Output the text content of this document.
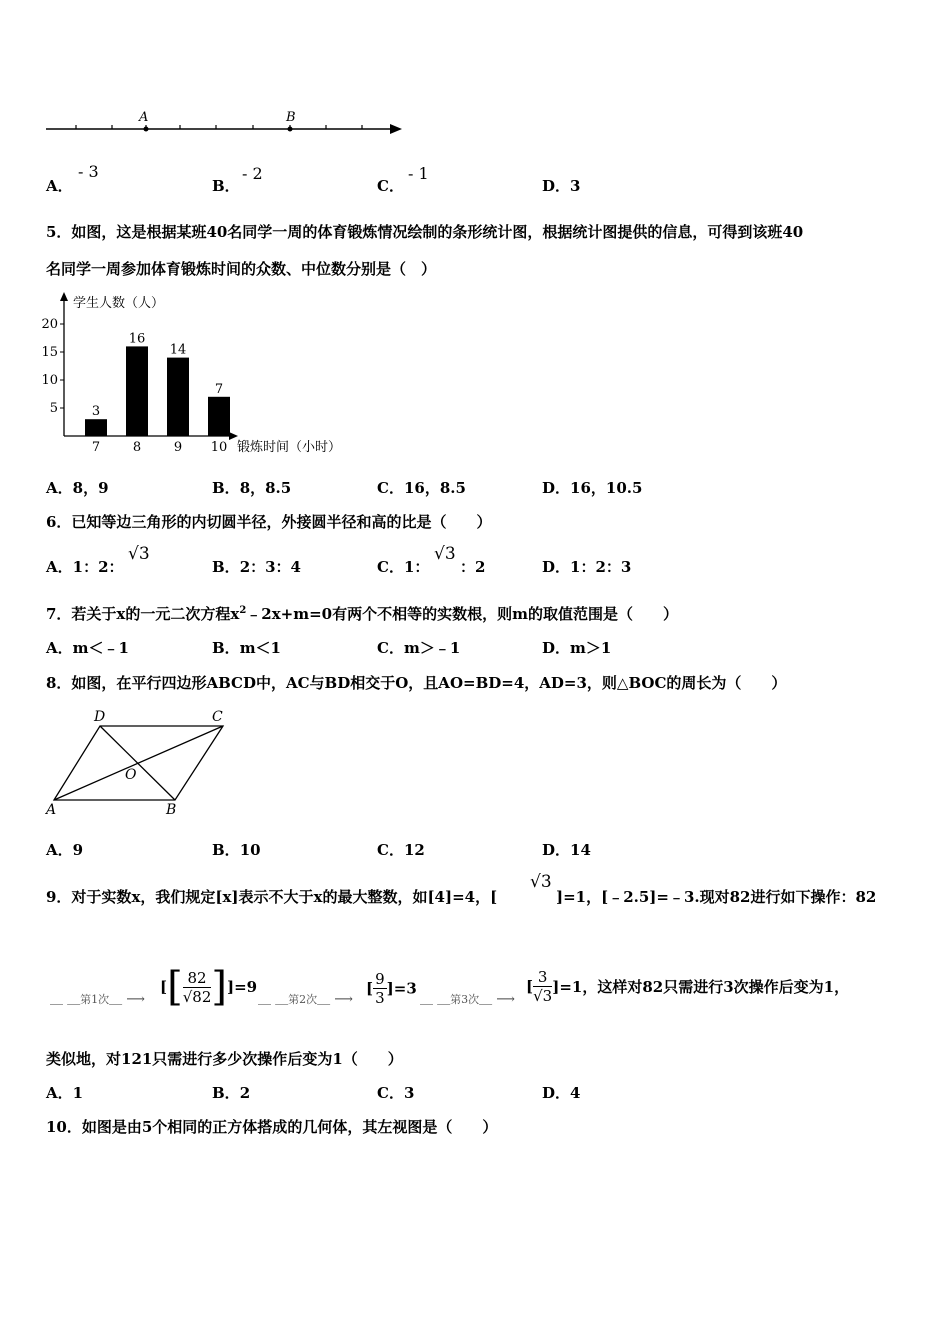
A	B
A．
- 3
B．
- 2
C．
- 1
D．3
5．如图，这是根据某班40名同学一周的体育锻炼情况绘制的条形统计图，根据统计图提供的信息，可得到该班40
名同学一周参加体育锻炼时间的众数、中位数分别是（　）
学生人数（人）
锻炼时间（小时）
5
10
15
20
3
7
16
8
14
9
7
10
A．8，9	B．8，8.5	C．16，8.5	D．16，10.5
6．已知等边三角形的内切圆半径，外接圆半径和高的比是（　　）
A．1：2：
√3
B．2：3：4	C．1：
√3
：2	D．1：2：3
7．若关于x的一元二次方程$x^2﹣2x+m=0$有两个不相等的实数根，则m的取值范围是（　　）
A．m＜﹣1	B．m＜1	C．m＞﹣1	D．m＞1
8．如图，在平行四边形ABCD中，AC与BD相交于O，且AO=BD=4，AD=3，则△BOC的周长为（　　）
A	B
C
D
O
A．9	B．10	C．12	D．14
9．对于实数x，我们规定[x]表示不大于x的最大整数，如[4]=4，[
√3
]=1，[﹣2.5]=﹣3.现对82进行如下操作：82
＿ ＿第1次＿ ⟶
[[ $\frac{82}{√82} ]]=9$
＿ ＿第2次＿ ⟶
[ $\frac{9}{3} ]=3$
＿ ＿第3次＿ ⟶
[ $\frac{3}{√3} ]=1$，这样对82只需进行3次操作后变为1，
类似地，对121只需进行多少次操作后变为1（　　）
A．1	B．2	C．3	D．4
10．如图是由5个相同的正方体搭成的几何体，其左视图是（　　）
